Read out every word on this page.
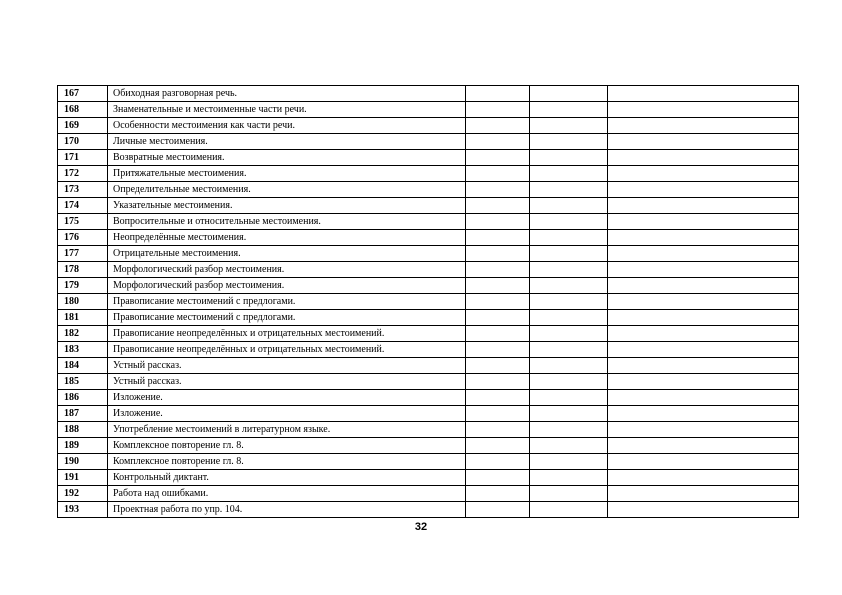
167	Обиходная разговорная речь.			
168	Знаменательные и местоименные части речи.			
169	Особенности местоимения как части речи.			
170	Личные местоимения.			
171	Возвратные местоимения.			
172	Притяжательные местоимения.			
173	Определительные местоимения.			
174	Указательные местоимения.			
175	Вопросительные и относительные местоимения.			
176	Неопределённые местоимения.			
177	Отрицательные местоимения.			
178	Морфологический разбор местоимения.			
179	Морфологический разбор местоимения.			
180	Правописание местоимений с предлогами.			
181	Правописание местоимений с предлогами.			
182	Правописание неопределённых и отрицательных местоимений.			
183	Правописание неопределённых и отрицательных местоимений.			
184	Устный рассказ.			
185	Устный рассказ.			
186	Изложение.			
187	Изложение.			
188	Употребление местоимений в литературном языке.			
189	Комплексное повторение гл. 8.			
190	Комплексное повторение гл. 8.			
191	Контрольный диктант.			
192	Работа над ошибками.			
193	Проектная работа по упр. 104.			
32
